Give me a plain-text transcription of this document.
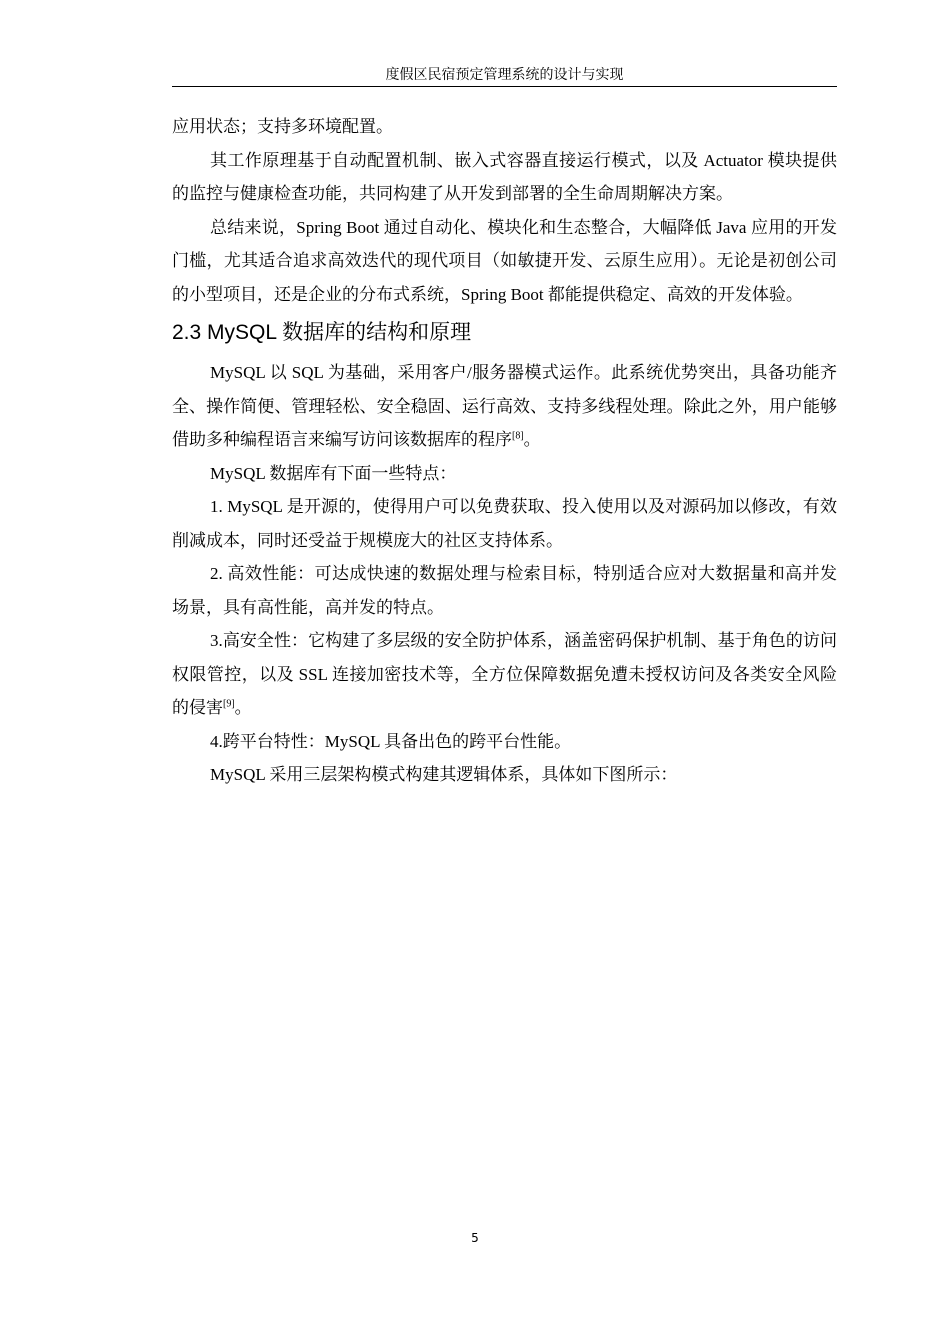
度假区民宿预定管理系统的设计与实现

应用状态；支持多环境配置。

其工作原理基于自动配置机制、嵌入式容器直接运行模式，以及 Actuator 模块提供的监控与健康检查功能，共同构建了从开发到部署的全生命周期解决方案。

总结来说，Spring Boot 通过自动化、模块化和生态整合，大幅降低 Java 应用的开发门槛，尤其适合追求高效迭代的现代项目（如敏捷开发、云原生应用）。无论是初创公司的小型项目，还是企业的分布式系统，Spring Boot 都能提供稳定、高效的开发体验。

2.3 MySQL 数据库的结构和原理

MySQL 以 SQL 为基础，采用客户/服务器模式运作。此系统优势突出，具备功能齐全、操作简便、管理轻松、安全稳固、运行高效、支持多线程处理。除此之外，用户能够借助多种编程语言来编写访问该数据库的程序[8]。

MySQL 数据库有下面一些特点：

1. MySQL 是开源的，使得用户可以免费获取、投入使用以及对源码加以修改，有效削减成本，同时还受益于规模庞大的社区支持体系。

2. 高效性能：可达成快速的数据处理与检索目标，特别适合应对大数据量和高并发场景，具有高性能，高并发的特点。

3.高安全性：它构建了多层级的安全防护体系，涵盖密码保护机制、基于角色的访问权限管控，以及 SSL 连接加密技术等，全方位保障数据免遭未授权访问及各类安全风险的侵害[9]。

4.跨平台特性：MySQL 具备出色的跨平台性能。

MySQL 采用三层架构模式构建其逻辑体系，具体如下图所示：

5
